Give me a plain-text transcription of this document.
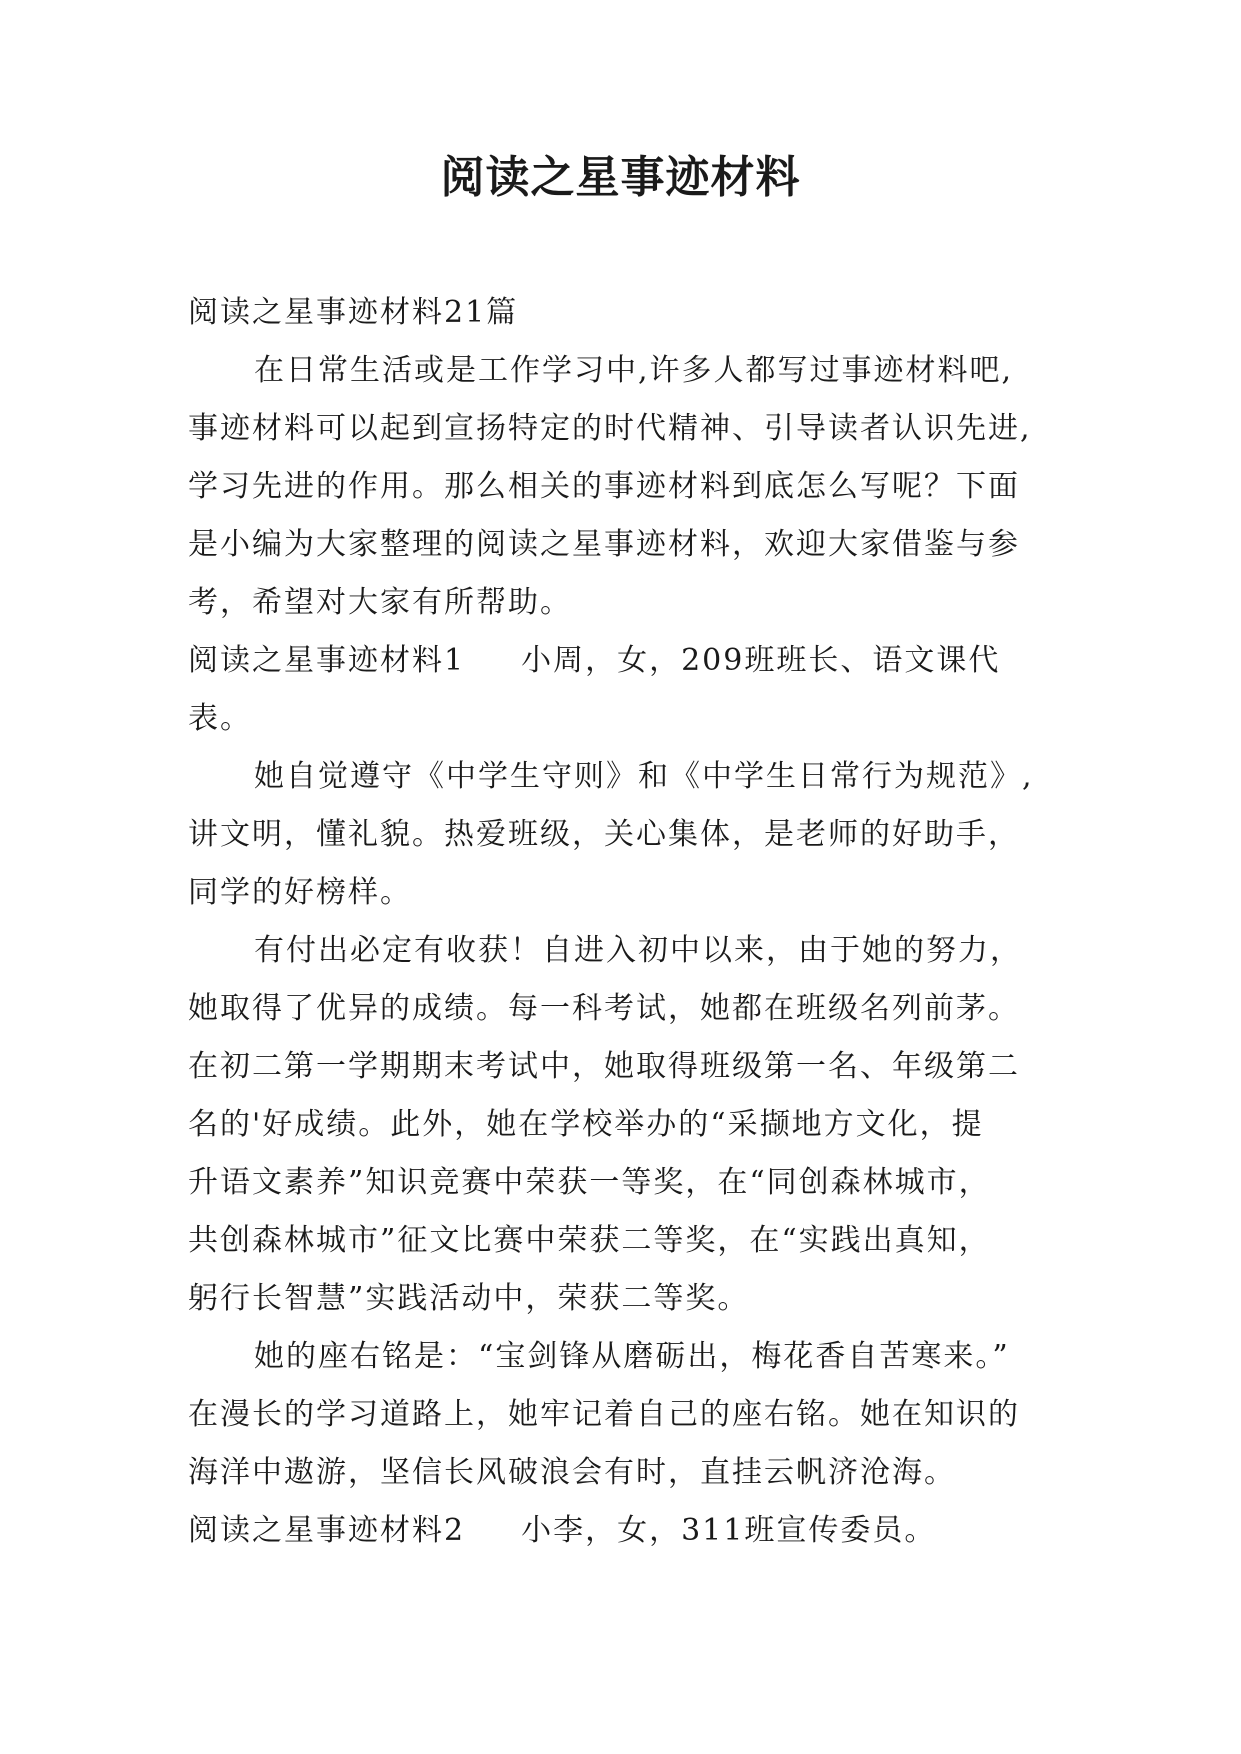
阅读之星事迹材料
阅读之星事迹材料21篇
在日常生活或是工作学习中,许多人都写过事迹材料吧,
事迹材料可以起到宣扬特定的时代精神、引导读者认识先进,
学习先进的作用。那么相关的事迹材料到底怎么写呢？下面
是小编为大家整理的阅读之星事迹材料，欢迎大家借鉴与参
考，希望对大家有所帮助。
阅读之星事迹材料1 小周，女，209班班长、语文课代
表。
她自觉遵守《中学生守则》和《中学生日常行为规范》,
讲文明，懂礼貌。热爱班级，关心集体，是老师的好助手，
同学的好榜样。
有付出必定有收获！自进入初中以来，由于她的努力，
她取得了优异的成绩。每一科考试，她都在班级名列前茅。
在初二第一学期期末考试中，她取得班级第一名、年级第二
名的'好成绩。此外，她在学校举办的“采撷地方文化，提
升语文素养”知识竞赛中荣获一等奖，在“同创森林城市，
共创森林城市”征文比赛中荣获二等奖，在“实践出真知，
躬行长智慧”实践活动中，荣获二等奖。
她的座右铭是：“宝剑锋从磨砺出，梅花香自苦寒来。”
在漫长的学习道路上，她牢记着自己的座右铭。她在知识的
海洋中遨游，坚信长风破浪会有时，直挂云帆济沧海。
阅读之星事迹材料2 小李，女，311班宣传委员。
